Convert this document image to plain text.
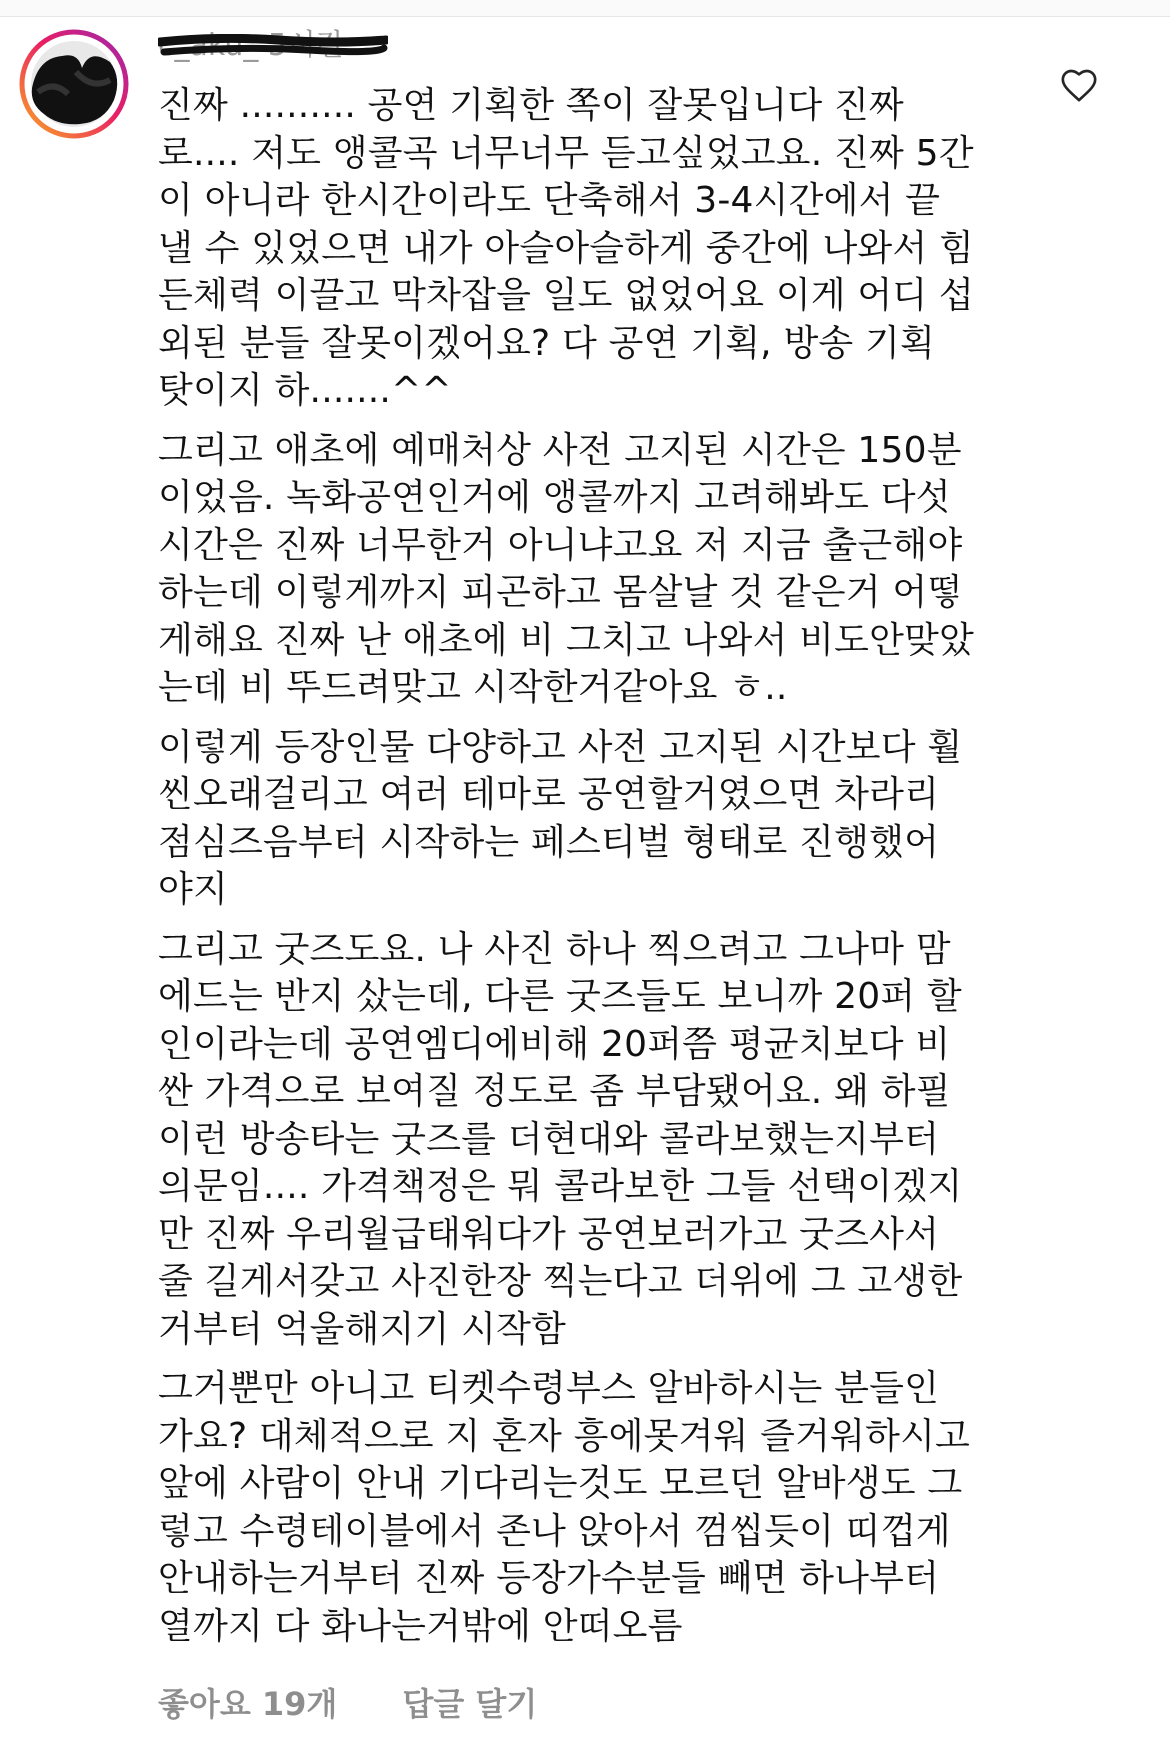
c_aku_ 5시간
진짜 .......... 공연 기획한 쪽이 잘못입니다 진짜
로.... 저도 앵콜곡 너무너무 듣고싶었고요. 진짜 5간
이 아니라 한시간이라도 단축해서 3-4시간에서 끝
낼 수 있었으면 내가 아슬아슬하게 중간에 나와서 힘
든체력 이끌고 막차잡을 일도 없었어요 이게 어디 섭
외된 분들 잘못이겠어요? 다 공연 기획, 방송 기획
탓이지 하.......^^
그리고 애초에 예매처상 사전 고지된 시간은 150분
이었음. 녹화공연인거에 앵콜까지 고려해봐도 다섯
시간은 진짜 너무한거 아니냐고요 저 지금 출근해야
하는데 이렇게까지 피곤하고 몸살날 것 같은거 어떻
게해요 진짜 난 애초에 비 그치고 나와서 비도안맞았
는데 비 뚜드려맞고 시작한거같아요 ㅎ..
이렇게 등장인물 다양하고 사전 고지된 시간보다 훨
씬오래걸리고 여러 테마로 공연할거였으면 차라리
점심즈음부터 시작하는 페스티벌 형태로 진행했어
야지
그리고 굿즈도요. 나 사진 하나 찍으려고 그나마 맘
에드는 반지 샀는데, 다른 굿즈들도 보니까 20퍼 할
인이라는데 공연엠디에비해 20퍼쯤 평균치보다 비
싼 가격으로 보여질 정도로 좀 부담됐어요. 왜 하필
이런 방송타는 굿즈를 더현대와 콜라보했는지부터
의문임.... 가격책정은 뭐 콜라보한 그들 선택이겠지
만 진짜 우리월급태워다가 공연보러가고 굿즈사서
줄 길게서갖고 사진한장 찍는다고 더위에 그 고생한
거부터 억울해지기 시작함
그거뿐만 아니고 티켓수령부스 알바하시는 분들인
가요? 대체적으로 지 혼자 흥에못겨워 즐거워하시고
앞에 사람이 안내 기다리는것도 모르던 알바생도 그
렇고 수령테이블에서 존나 앉아서 껌씹듯이 띠껍게
안내하는거부터 진짜 등장가수분들 빼면 하나부터
열까지 다 화나는거밖에 안떠오름
좋아요 19개 답글 달기
